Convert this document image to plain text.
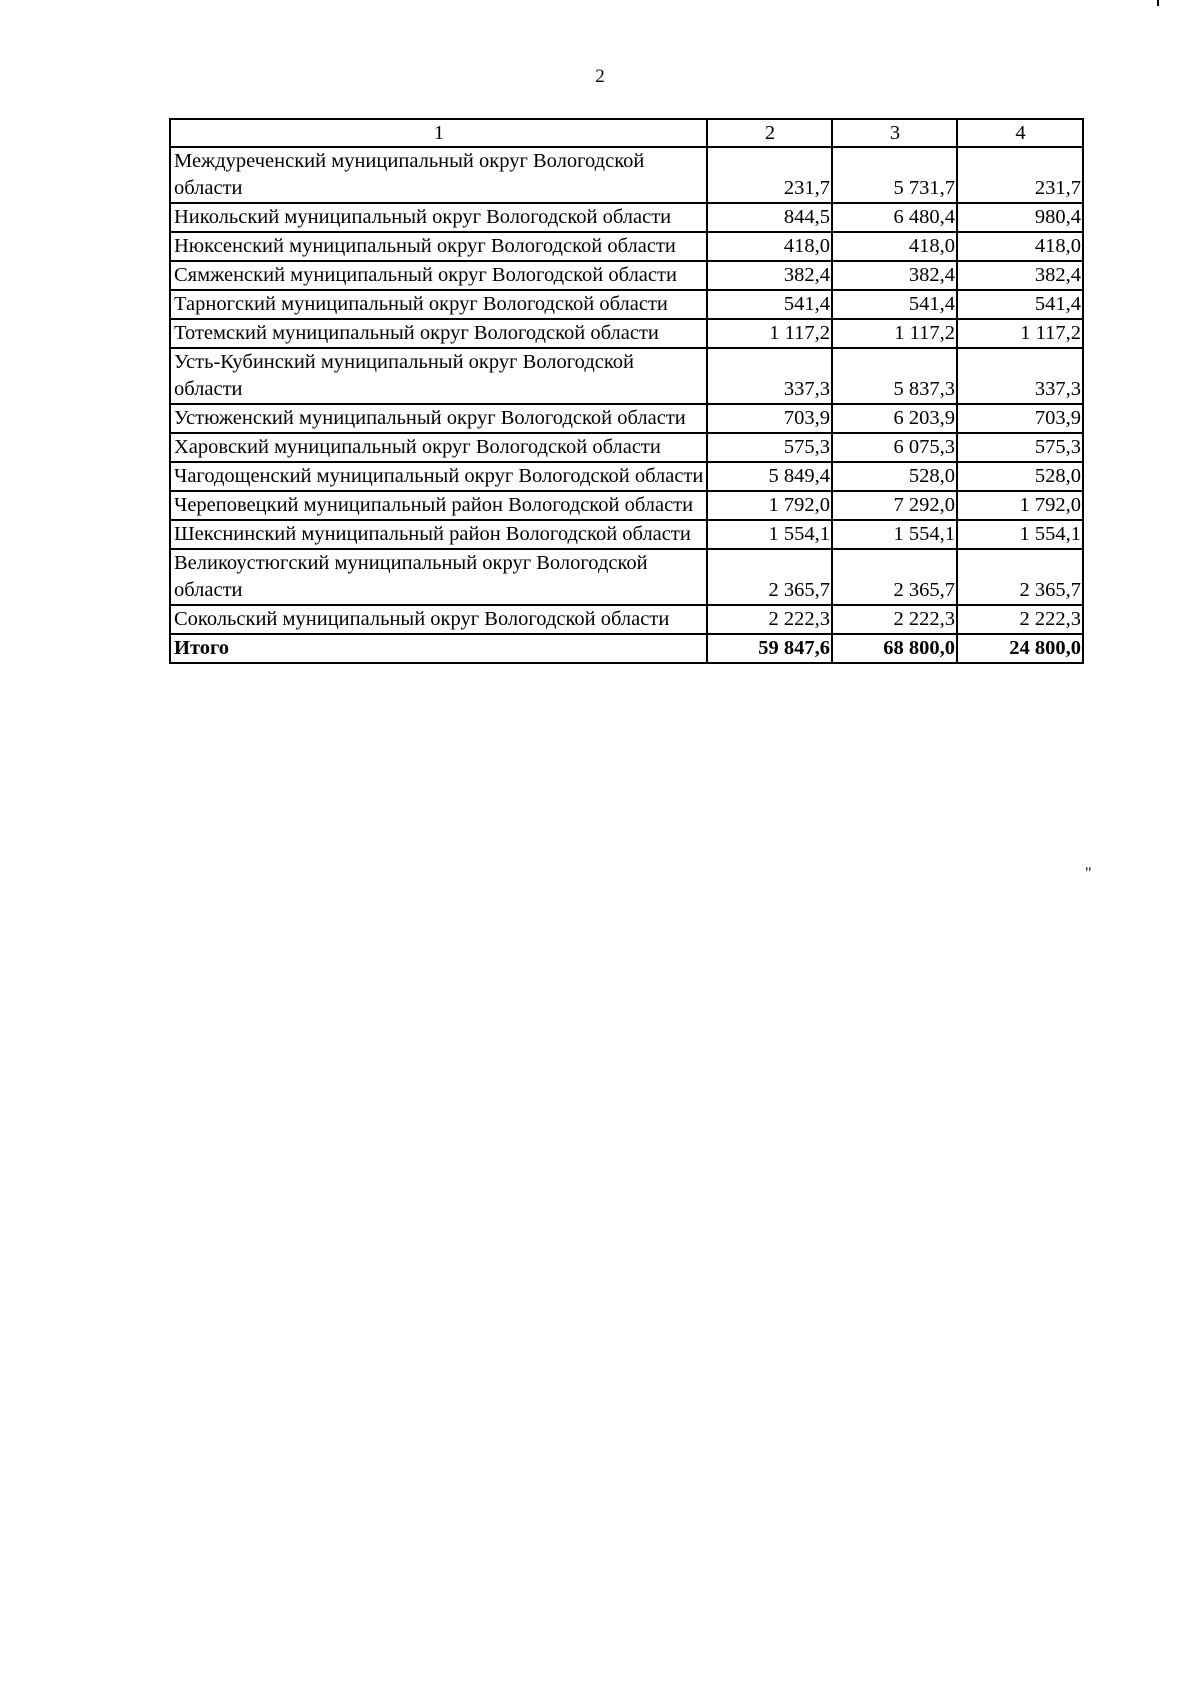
2
1	2	3	4
Междуреченский муниципальный округ Вологодской области	231,7	5 731,7	231,7
Никольский муниципальный округ Вологодской области	844,5	6 480,4	980,4
Нюксенский муниципальный округ Вологодской области	418,0	418,0	418,0
Сямженский муниципальный округ Вологодской области	382,4	382,4	382,4
Тарногский муниципальный округ Вологодской области	541,4	541,4	541,4
Тотемский муниципальный округ Вологодской области	1 117,2	1 117,2	1 117,2
Усть-Кубинский муниципальный округ Вологодской области	337,3	5 837,3	337,3
Устюженский муниципальный округ Вологодской области	703,9	6 203,9	703,9
Харовский муниципальный округ Вологодской области	575,3	6 075,3	575,3
Чагодощенский муниципальный округ Вологодской области	5 849,4	528,0	528,0
Череповецкий муниципальный район Вологодской области	1 792,0	7 292,0	1 792,0
Шекснинский муниципальный район Вологодской области	1 554,1	1 554,1	1 554,1
Великоустюгский муниципальный округ Вологодской области	2 365,7	2 365,7	2 365,7
Сокольский муниципальный округ Вологодской области	2 222,3	2 222,3	2 222,3
Итого	59 847,6	68 800,0	24 800,0
"
